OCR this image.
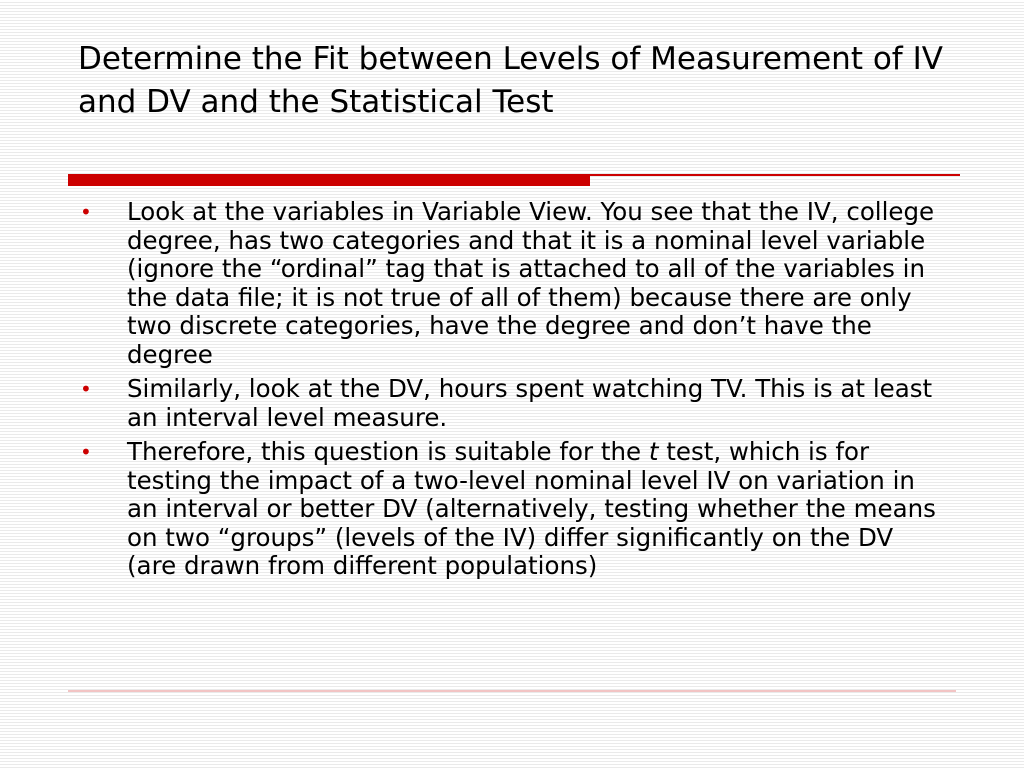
Determine the Fit between Levels of Measurement of IV and DV and the Statistical Test
• Look at the variables in Variable View. You see that the IV, college degree, has two categories and that it is a nominal level variable (ignore the “ordinal” tag that is attached to all of the variables in the data file; it is not true of all of them) because there are only two discrete categories, have the degree and don’t have the degree
• Similarly, look at the DV, hours spent watching TV. This is at least an interval level measure.
• Therefore, this question is suitable for the t test, which is for testing the impact of a two-level nominal level IV on variation in an interval or better DV (alternatively, testing whether the means on two “groups” (levels of the IV) differ significantly on the DV (are drawn from different populations)
